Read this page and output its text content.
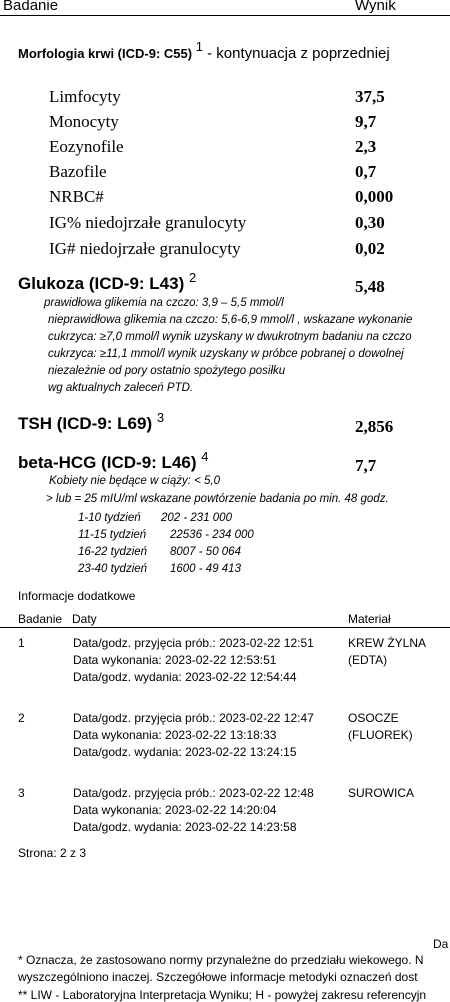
Badanie	Wynik
Morfologia krwi (ICD-9: C55) 1 - kontynuacja z poprzedniej
Limfocyty	37,5
Monocyty	9,7
Eozynofile	2,3
Bazofile	0,7
NRBC#	0,000
IG% niedojrzałe granulocyty	0,30
IG# niedojrzałe granulocyty	0,02
Glukoza (ICD-9: L43) $^2$	5,48
prawidłowa glikemia na czczo: 3,9 – 5,5 mmol/l
nieprawidłowa glikemia na czczo: 5,6-6,9 mmol/l , wskazane wykonanie
cukrzyca: ≥7,0 mmol/l wynik uzyskany w dwukrotnym badaniu na czczo
cukrzyca: ≥11,1 mmol/l wynik uzyskany w próbce pobranej o dowolnej
niezależnie od pory ostatnio spożytego posiłku
wg aktualnych zaleceń PTD.
TSH (ICD-9: L69) $^3$	2,856
beta-HCG (ICD-9: L46) $^4$	7,7
Kobiety nie będące w ciąży: < 5,0
> lub = 25 mIU/ml wskazane powtórzenie badania po min. 48 godz.
1-10 tydzień 202 - 231 000
11-15 tydzień 22536 - 234 000
16-22 tydzień 8007 - 50 064
23-40 tydzień 1600 - 49 413
Informacje dodatkowe
Badanie Daty	Materiał
1	Data/godz. przyjęcia prób.: 2023-02-22 12:51
Data wykonania: 2023-02-22 12:53:51
Data/godz. wydania: 2023-02-22 12:54:44
KREW ŻYLNA
(EDTA)
2	Data/godz. przyjęcia prób.: 2023-02-22 12:47
Data wykonania: 2023-02-22 13:18:33
Data/godz. wydania: 2023-02-22 13:24:15
OSOCZE
(FLUOREK)
3	Data/godz. przyjęcia prób.: 2023-02-22 12:48
Data wykonania: 2023-02-22 14:20:04
Data/godz. wydania: 2023-02-22 14:23:58
SUROWICA
Strona: 2 z 3
Da
* Oznacza, że zastosowano normy przynależne do przedziału wiekowego. N
wyszczególniono inaczej. Szczegółowe informacje metodyki oznaczeń dost
** LIW - Laboratoryjna Interpretacja Wyniku; H - powyżej zakresu referencyjn
